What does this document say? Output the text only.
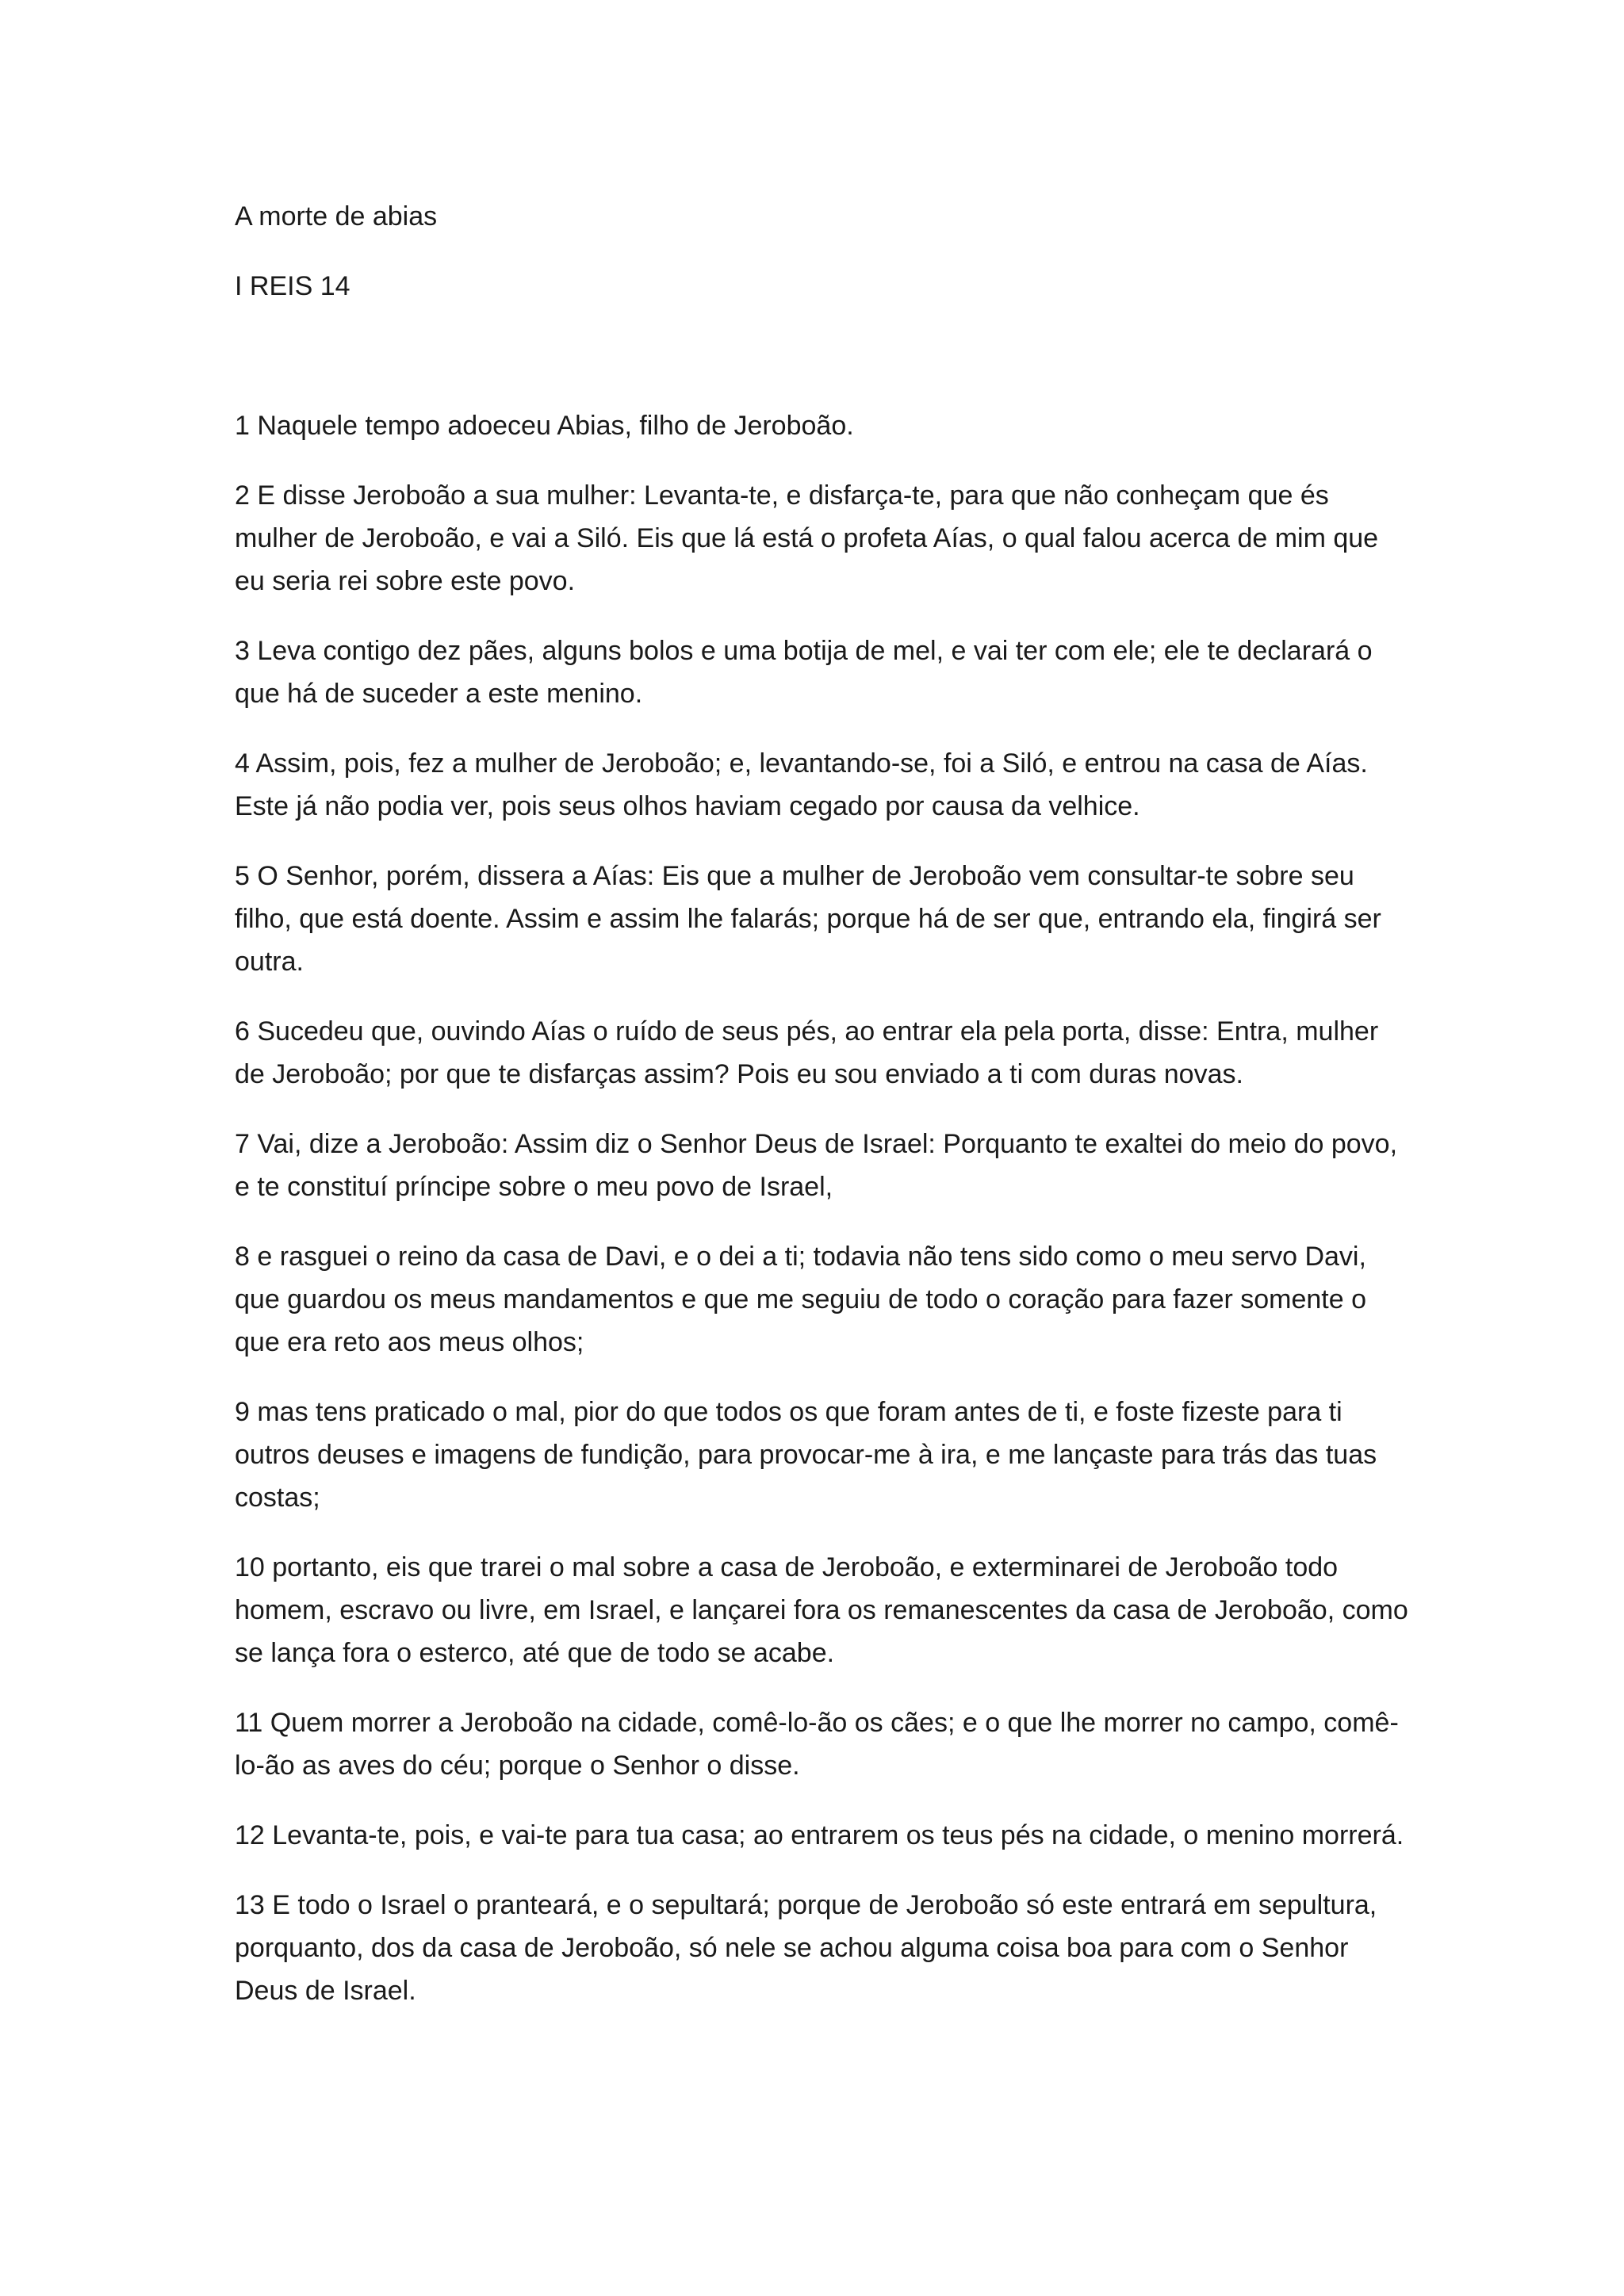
A morte de abias

I REIS 14

1 Naquele tempo adoeceu Abias, filho de Jeroboão.

2 E disse Jeroboão a sua mulher: Levanta-te, e disfarça-te, para que não conheçam que és mulher de Jeroboão, e vai a Siló. Eis que lá está o profeta Aías, o qual falou acerca de mim que eu seria rei sobre este povo.

3 Leva contigo dez pães, alguns bolos e uma botija de mel, e vai ter com ele; ele te declarará o que há de suceder a este menino.

4 Assim, pois, fez a mulher de Jeroboão; e, levantando-se, foi a Siló, e entrou na casa de Aías. Este já não podia ver, pois seus olhos haviam cegado por causa da velhice.

5 O Senhor, porém, dissera a Aías: Eis que a mulher de Jeroboão vem consultar-te sobre seu filho, que está doente. Assim e assim lhe falarás; porque há de ser que, entrando ela, fingirá ser outra.

6 Sucedeu que, ouvindo Aías o ruído de seus pés, ao entrar ela pela porta, disse: Entra, mulher de Jeroboão; por que te disfarças assim? Pois eu sou enviado a ti com duras novas.

7 Vai, dize a Jeroboão: Assim diz o Senhor Deus de Israel: Porquanto te exaltei do meio do povo, e te constituí príncipe sobre o meu povo de Israel,

8 e rasguei o reino da casa de Davi, e o dei a ti; todavia não tens sido como o meu servo Davi, que guardou os meus mandamentos e que me seguiu de todo o coração para fazer somente o que era reto aos meus olhos;

9 mas tens praticado o mal, pior do que todos os que foram antes de ti, e foste fizeste para ti outros deuses e imagens de fundição, para provocar-me à ira, e me lançaste para trás das tuas costas;

10 portanto, eis que trarei o mal sobre a casa de Jeroboão, e exterminarei de Jeroboão todo homem, escravo ou livre, em Israel, e lançarei fora os remanescentes da casa de Jeroboão, como se lança fora o esterco, até que de todo se acabe.

11 Quem morrer a Jeroboão na cidade, comê-lo-ão os cães; e o que lhe morrer no campo, comê-lo-ão as aves do céu; porque o Senhor o disse.

12 Levanta-te, pois, e vai-te para tua casa; ao entrarem os teus pés na cidade, o menino morrerá.

13 E todo o Israel o pranteará, e o sepultará; porque de Jeroboão só este entrará em sepultura, porquanto, dos da casa de Jeroboão, só nele se achou alguma coisa boa para com o Senhor Deus de Israel.
